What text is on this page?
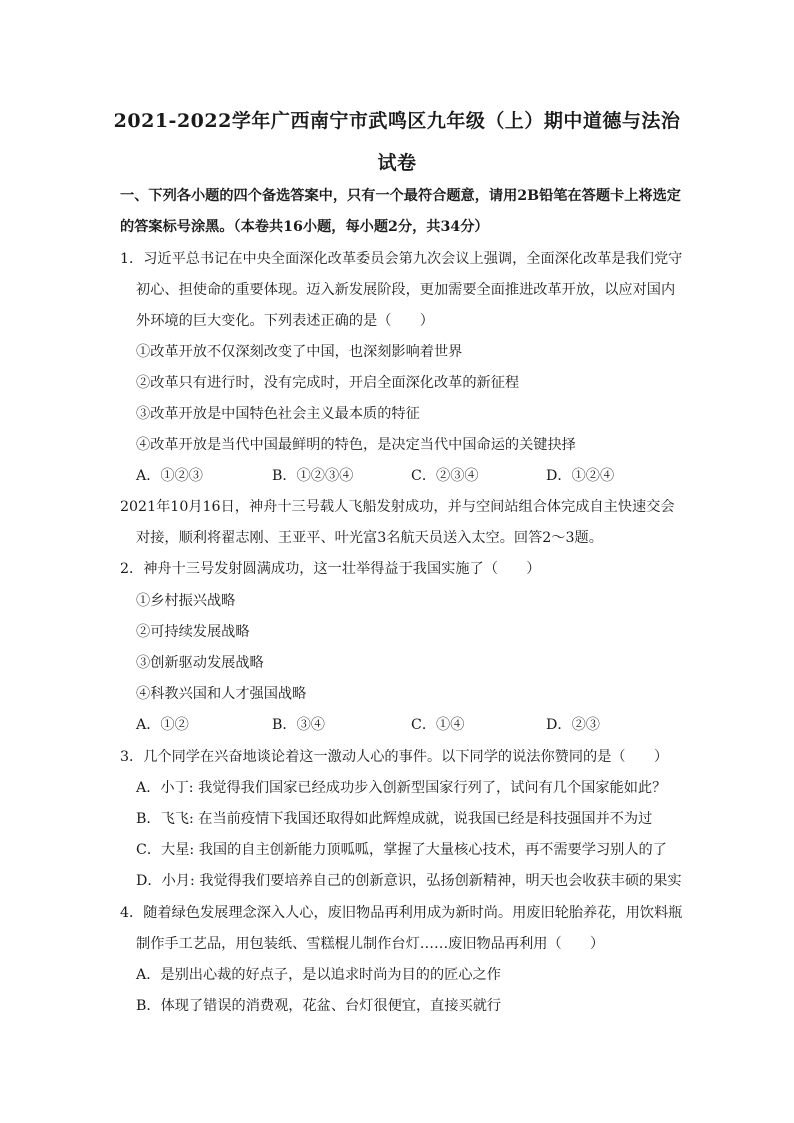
2021-2022学年广西南宁市武鸣区九年级（上）期中道德与法治
试卷
一、下列各小题的四个备选答案中，只有一个最符合题意，请用2B铅笔在答题卡上将选定
的答案标号涂黑。（本卷共16小题，每小题2分，共34分）
1．习近平总书记在中央全面深化改革委员会第九次会议上强调，全面深化改革是我们党守
初心、担使命的重要体现。迈入新发展阶段，更加需要全面推进改革开放，以应对国内
外环境的巨大变化。下列表述正确的是（　　）
①改革开放不仅深刻改变了中国，也深刻影响着世界
②改革只有进行时，没有完成时，开启全面深化改革的新征程
③改革开放是中国特色社会主义最本质的特征
④改革开放是当代中国最鲜明的特色，是决定当代中国命运的关键抉择
A．①②③	B．①②③④	C．②③④	D．①②④
2021年10月16日，神舟十三号载人飞船发射成功，并与空间站组合体完成自主快速交会
对接，顺利将翟志刚、王亚平、叶光富3名航天员送入太空。回答2～3题。
2．神舟十三号发射圆满成功，这一壮举得益于我国实施了（　　）
①乡村振兴战略
②可持续发展战略
③创新驱动发展战略
④科教兴国和人才强国战略
A．①②	B．③④	C．①④	D．②③
3．几个同学在兴奋地谈论着这一激动人心的事件。以下同学的说法你赞同的是（　　）
A．小丁: 我觉得我们国家已经成功步入创新型国家行列了，试问有几个国家能如此？
B．飞飞: 在当前疫情下我国还取得如此辉煌成就，说我国已经是科技强国并不为过
C．大星: 我国的自主创新能力顶呱呱，掌握了大量核心技术，再不需要学习别人的了
D．小月: 我觉得我们要培养自己的创新意识，弘扬创新精神，明天也会收获丰硕的果实
4．随着绿色发展理念深入人心，废旧物品再利用成为新时尚。用废旧轮胎养花，用饮料瓶
制作手工艺品，用包装纸、雪糕棍儿制作台灯……废旧物品再利用（　　）
A．是别出心裁的好点子，是以追求时尚为目的的匠心之作
B．体现了错误的消费观，花盆、台灯很便宜，直接买就行
